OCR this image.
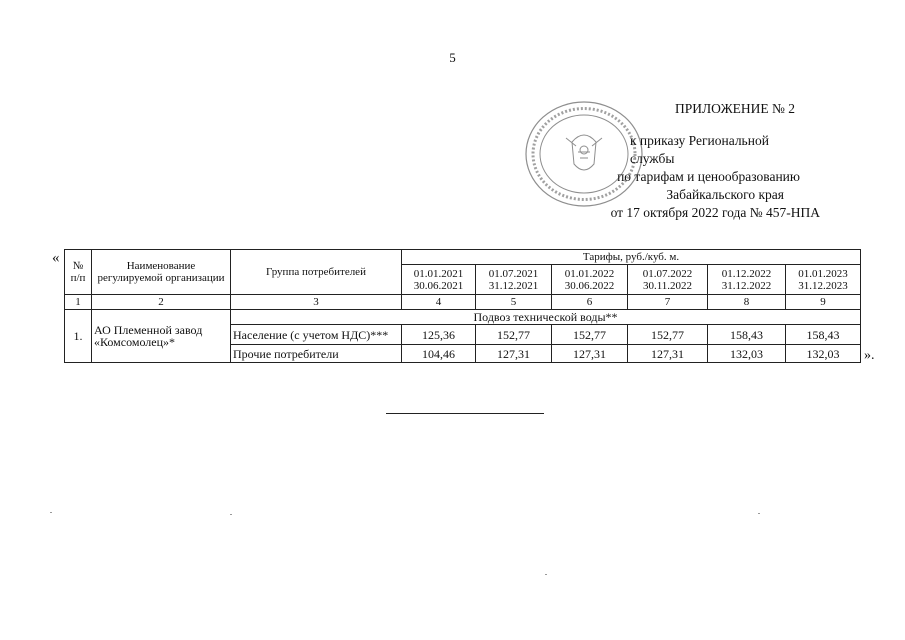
5
ПРИЛОЖЕНИЕ № 2
к приказу Региональной службы
по тарифам и ценообразованию
Забайкальского края
от 17 октября 2022 года № 457-НПА
« № п/п	Наименование регулируемой организации	Группа потребителей	Тарифы, руб./куб. м.					
			01.01.2021 30.06.2021	01.07.2021 31.12.2021	01.01.2022 30.06.2022	01.07.2022 30.11.2022	01.12.2022 31.12.2022	01.01.2023 31.12.2023
1	2	3	4	5	6	7	8	9
1.	АО Племенной завод «Комсомолец»*	Подвоз технической воды**						
		Население (с учетом НДС)***	125,36	152,77	152,77	152,77	158,43	158,43
		Прочие потребители	104,46	127,31	127,31	127,31	132,03	132,03 ».
